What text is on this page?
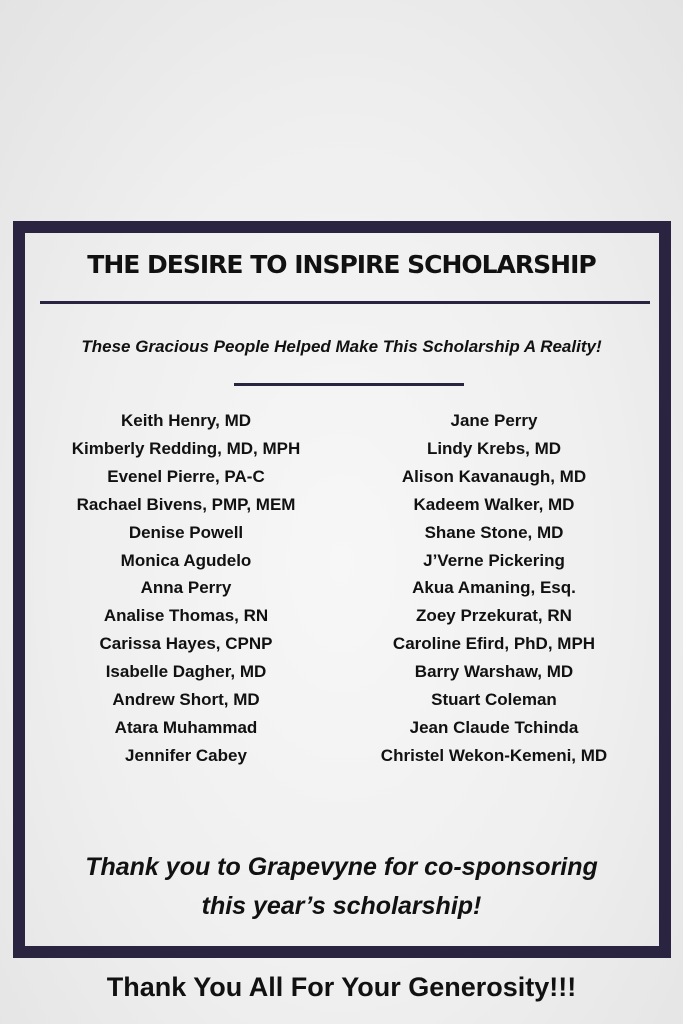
THE DESIRE TO INSPIRE SCHOLARSHIP
These Gracious People Helped Make This Scholarship A Reality!
Keith Henry, MD
Kimberly Redding, MD, MPH
Evenel Pierre, PA-C
Rachael Bivens, PMP, MEM
Denise Powell
Monica Agudelo
Anna Perry
Analise Thomas, RN
Carissa Hayes, CPNP
Isabelle Dagher, MD
Andrew Short, MD
Atara Muhammad
Jennifer Cabey
Jane Perry
Lindy Krebs, MD
Alison Kavanaugh, MD
Kadeem Walker, MD
Shane Stone, MD
J’Verne Pickering
Akua Amaning, Esq.
Zoey Przekurat, RN
Caroline Efird, PhD, MPH
Barry Warshaw, MD
Stuart Coleman
Jean Claude Tchinda
Christel Wekon-Kemeni, MD
Thank you to Grapevyne for co-sponsoring
this year’s scholarship!
Thank You All For Your Generosity!!!
